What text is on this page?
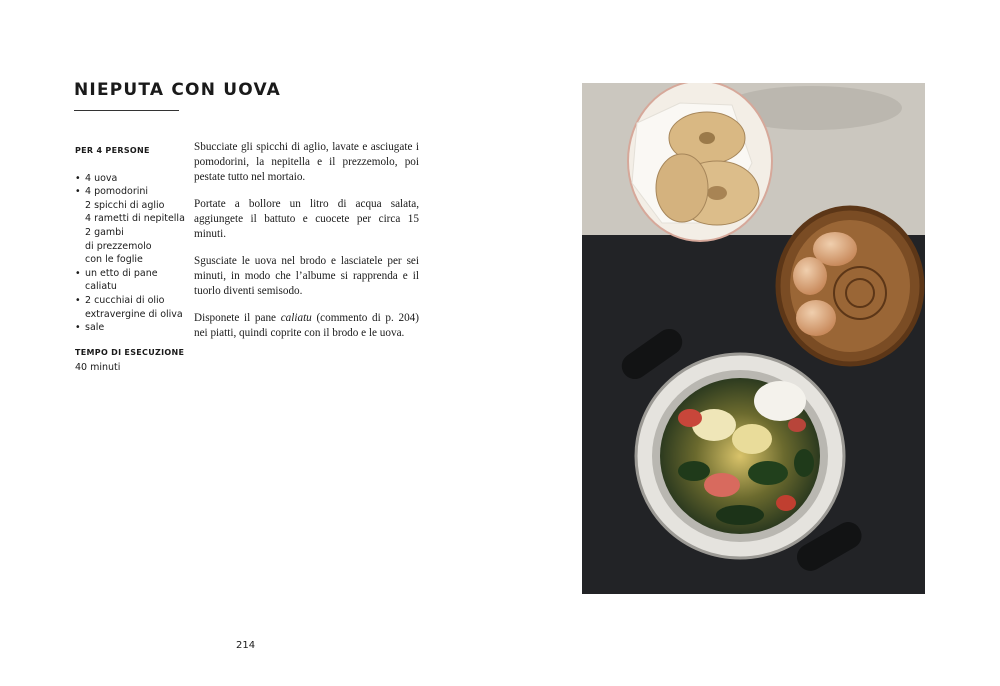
NIEPUTA CON UOVA
PER 4 PERSONE
• 4 uova
• 4 pomodorini
2 spicchi di aglio
4 rametti di nepitella
2 gambi
di prezzemolo
con le foglie
• un etto di pane
caliatu
• 2 cucchiai di olio
extravergine di oliva
• sale
TEMPO DI ESECUZIONE
40 minuti

Sbucciate gli spicchi di aglio, lavate e asciugate i pomodorini, la nepitella e il prezzemolo, poi pestate tutto nel mortaio.

Portate a bollore un litro di acqua salata, aggiungete il battuto e cuocete per circa 15 minuti.

Sgusciate le uova nel brodo e lasciatele per sei minuti, in modo che l’albume si rapprenda e il tuorlo diventi semisodo.

Disponete il pane caliatu (commento di p. 204) nei piatti, quindi coprite con il brodo e le uova.

214
